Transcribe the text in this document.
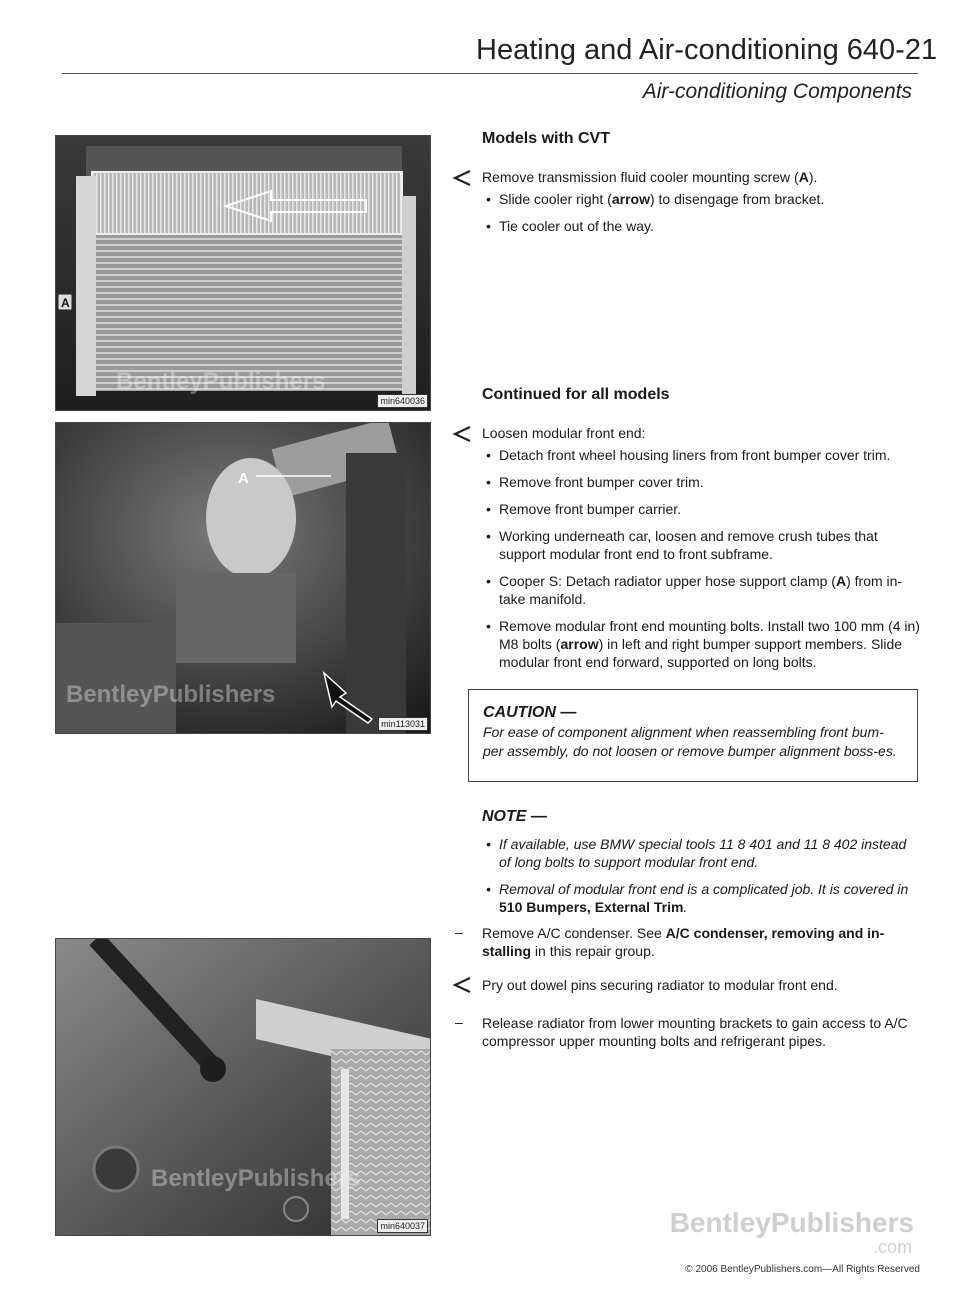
Heating and Air-conditioning 640-21
Air-conditioning Components
A
BentleyPublishers
min640036
A
BentleyPublishers
min113031
BentleyPublishers
min640037
Models with CVT
Remove transmission fluid cooler mounting screw (A).
• Slide cooler right (arrow) to disengage from bracket.
• Tie cooler out of the way.
Continued for all models
Loosen modular front end:
• Detach front wheel housing liners from front bumper cover trim.
• Remove front bumper cover trim.
• Remove front bumper carrier.
• Working underneath car, loosen and remove crush tubes that support modular front end to front subframe.
• Cooper S: Detach radiator upper hose support clamp (A) from in-take manifold.
• Remove modular front end mounting bolts. Install two 100 mm (4 in) M8 bolts (arrow) in left and right bumper support members. Slide modular front end forward, supported on long bolts.
CAUTION —
For ease of component alignment when reassembling front bum-per assembly, do not loosen or remove bumper alignment boss-es.
NOTE —
• If available, use BMW special tools 11 8 401 and 11 8 402 instead of long bolts to support modular front end.
• Removal of modular front end is a complicated job. It is covered in 510 Bumpers, External Trim.
– Remove A/C condenser. See A/C condenser, removing and in-stalling in this repair group.
Pry out dowel pins securing radiator to modular front end.
– Release radiator from lower mounting brackets to gain access to A/C compressor upper mounting bolts and refrigerant pipes.
BentleyPublishers
.com
© 2006 BentleyPublishers.com—All Rights Reserved
